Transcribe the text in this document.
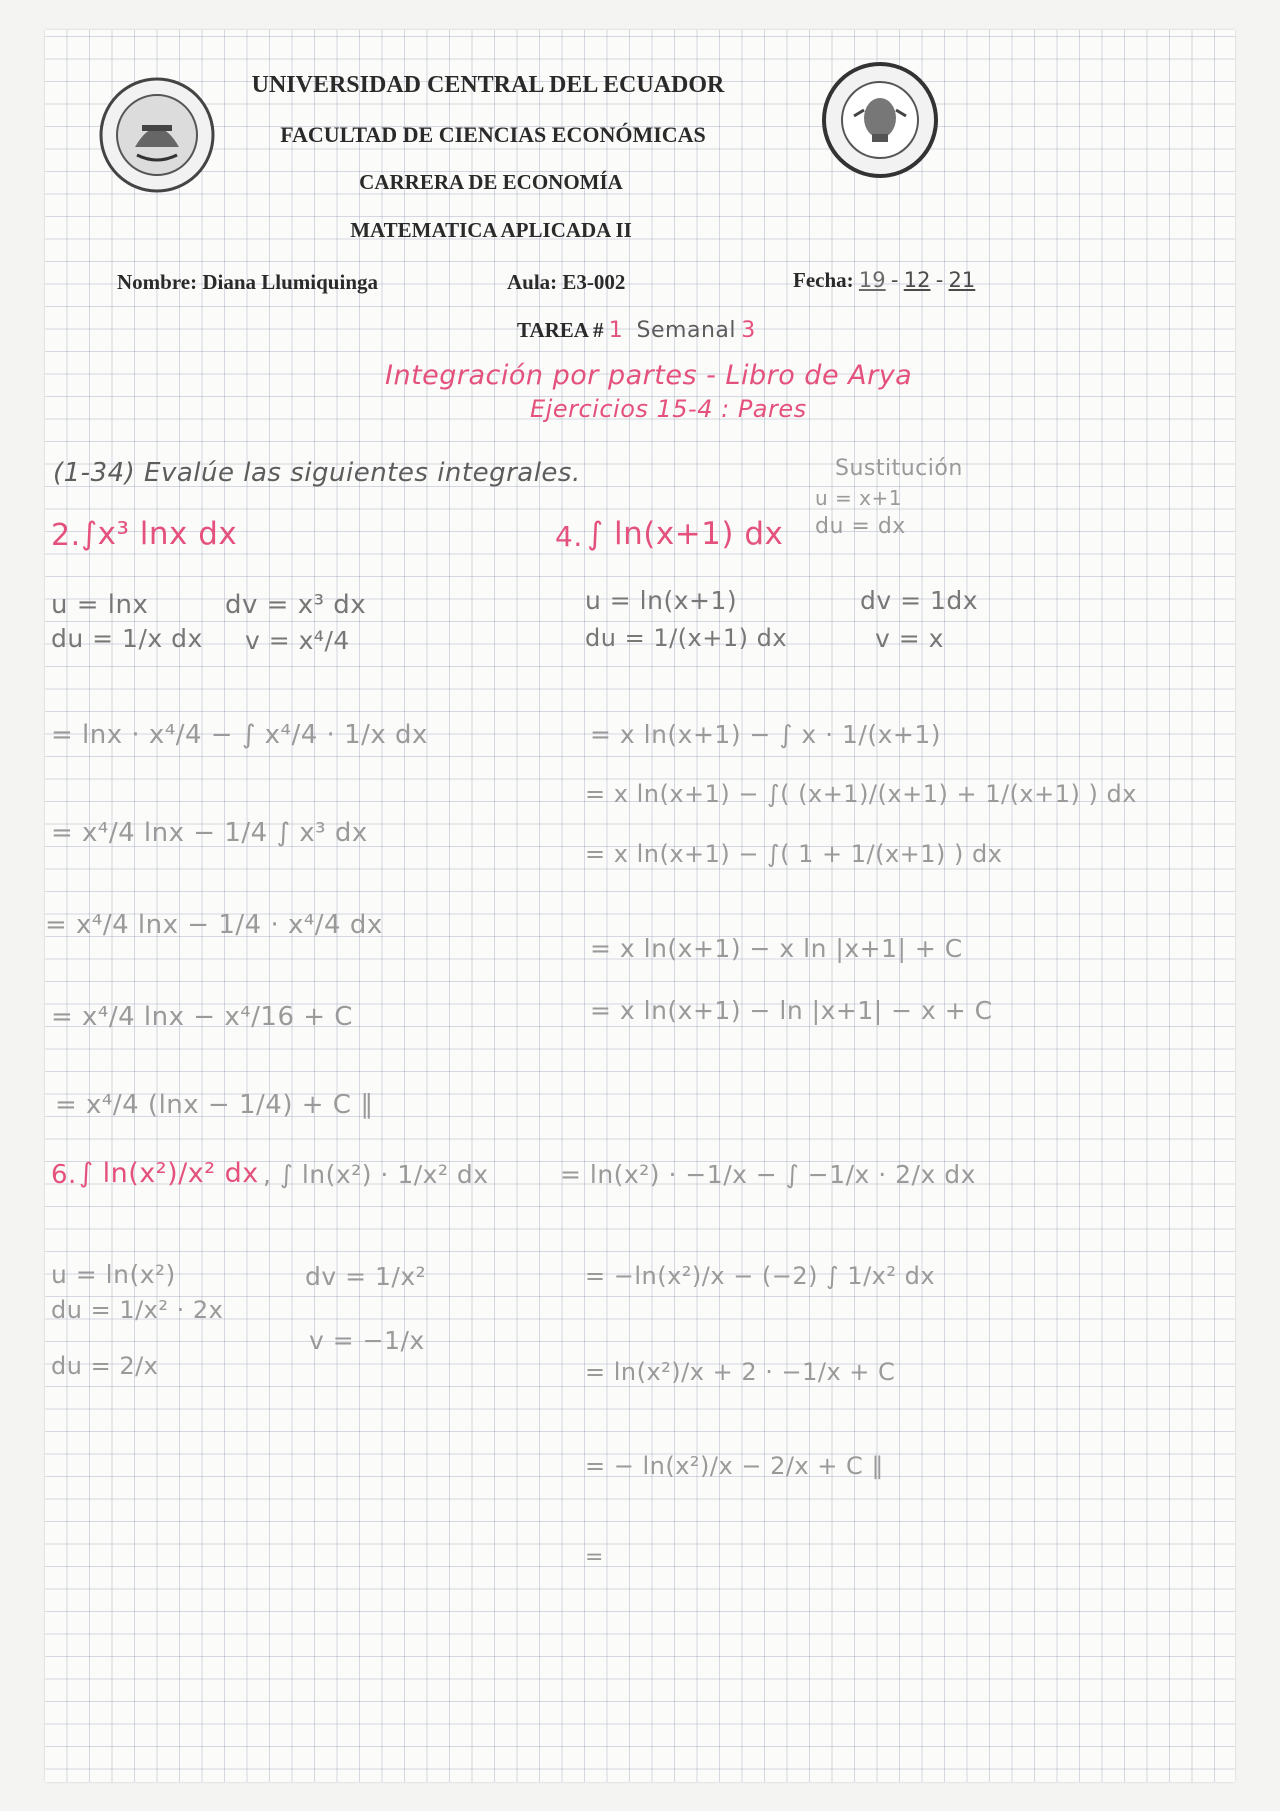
UNIVERSIDAD CENTRAL DEL ECUADOR
FACULTAD DE CIENCIAS ECONÓMICAS
CARRERA DE ECONOMÍA
MATEMATICA APLICADA II
Nombre: Diana Llumiquinga	Aula: E3-002	Fecha: 19 - 12 - 21
TAREA # 1 Semanal 3
Integración por partes - Libro de Arya
Ejercicios 15-4 : Pares
(1-34) Evalúe las siguientes integrales.
2. ∫x³ lnx dx
u = lnx
du = 1/x dx
dv = x³ dx
v = x⁴/4
= lnx · x⁴/4 − ∫ x⁴/4 · 1/x dx
= x⁴/4 lnx − 1/4 ∫ x³ dx
= x⁴/4 lnx − 1/4 · x⁴/4 dx
= x⁴/4 lnx − x⁴/16 + C
= x⁴/4 (lnx − 1/4) + C ∥
4. ∫ ln(x+1) dx
Sustitución
u = x+1
du = dx
u = ln(x+1)
du = 1/(x+1) dx
dv = 1dx
v = x
= x ln(x+1) − ∫ x · 1/(x+1)
= x ln(x+1) − ∫( (x+1)/(x+1) + 1/(x+1) ) dx
= x ln(x+1) − ∫( 1 + 1/(x+1) ) dx
= x ln(x+1) − x ln |x+1| + C
= x ln(x+1) − ln |x+1| − x + C
6. ∫ ln(x²)/x² dx , ∫ ln(x²) · 1/x² dx
u = ln(x²)
du = 1/x² · 2x
du = 2/x
dv = 1/x²
v = −1/x
= ln(x²) · −1/x − ∫ −1/x · 2/x dx
= −ln(x²)/x − (−2) ∫ 1/x² dx
= ln(x²)/x + 2 · −1/x + C
= − ln(x²)/x − 2/x + C ∥
=
